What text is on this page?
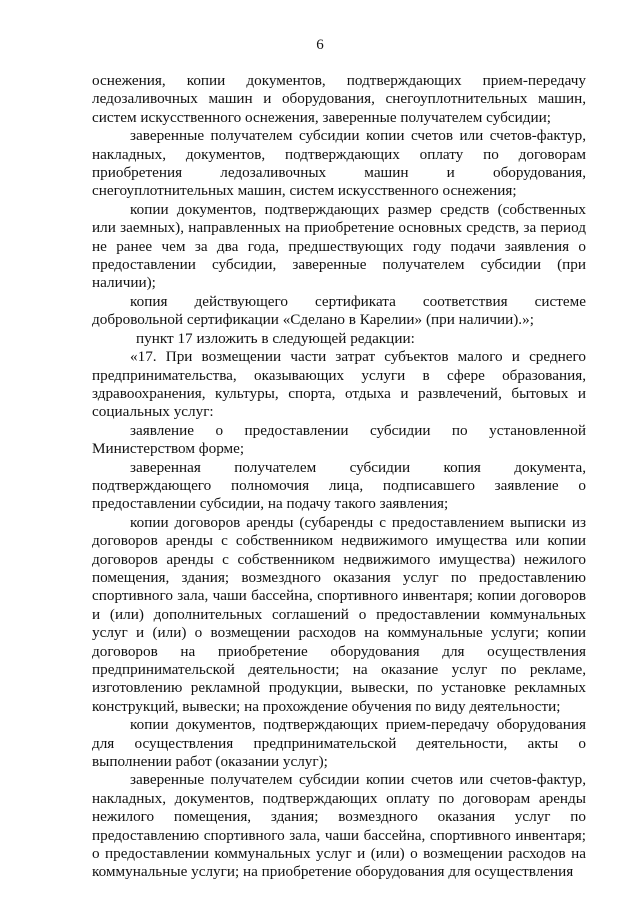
6

оснежения, копии документов, подтверждающих прием-передачу ледозаливочных машин и оборудования, снегоуплотнительных машин, систем искусственного оснежения, заверенные получателем субсидии;

заверенные получателем субсидии копии счетов или счетов-фактур, накладных, документов, подтверждающих оплату по договорам приобретения ледозаливочных машин и оборудования, снегоуплотнительных машин, систем искусственного оснежения;

копии документов, подтверждающих размер средств (собственных или заемных), направленных на приобретение основных средств, за период не ранее чем за два года, предшествующих году подачи заявления о предоставлении субсидии, заверенные получателем субсидии (при наличии);

копия действующего сертификата соответствия системе добровольной сертификации «Сделано в Карелии» (при наличии).»;

пункт 17 изложить в следующей редакции:

«17. При возмещении части затрат субъектов малого и среднего предпринимательства, оказывающих услуги в сфере образования, здравоохранения, культуры, спорта, отдыха и развлечений, бытовых и социальных услуг:

заявление о предоставлении субсидии по установленной Министерством форме;

заверенная получателем субсидии копия документа, подтверждающего полномочия лица, подписавшего заявление о предоставлении субсидии, на подачу такого заявления;

копии договоров аренды (субаренды с предоставлением выписки из договоров аренды с собственником недвижимого имущества или копии договоров аренды с собственником недвижимого имущества) нежилого помещения, здания; возмездного оказания услуг по предоставлению спортивного зала, чаши бассейна, спортивного инвентаря; копии договоров и (или) дополнительных соглашений о предоставлении коммунальных услуг и (или) о возмещении расходов на коммунальные услуги; копии договоров на приобретение оборудования для осуществления предпринимательской деятельности; на оказание услуг по рекламе, изготовлению рекламной продукции, вывески, по установке рекламных конструкций, вывески; на прохождение обучения по виду деятельности;

копии документов, подтверждающих прием-передачу оборудования для осуществления предпринимательской деятельности, акты о выполнении работ (оказании услуг);

заверенные получателем субсидии копии счетов или счетов-фактур, накладных, документов, подтверждающих оплату по договорам аренды нежилого помещения, здания; возмездного оказания услуг по предоставлению спортивного зала, чаши бассейна, спортивного инвентаря; о предоставлении коммунальных услуг и (или) о возмещении расходов на коммунальные услуги; на приобретение оборудования для осуществления
